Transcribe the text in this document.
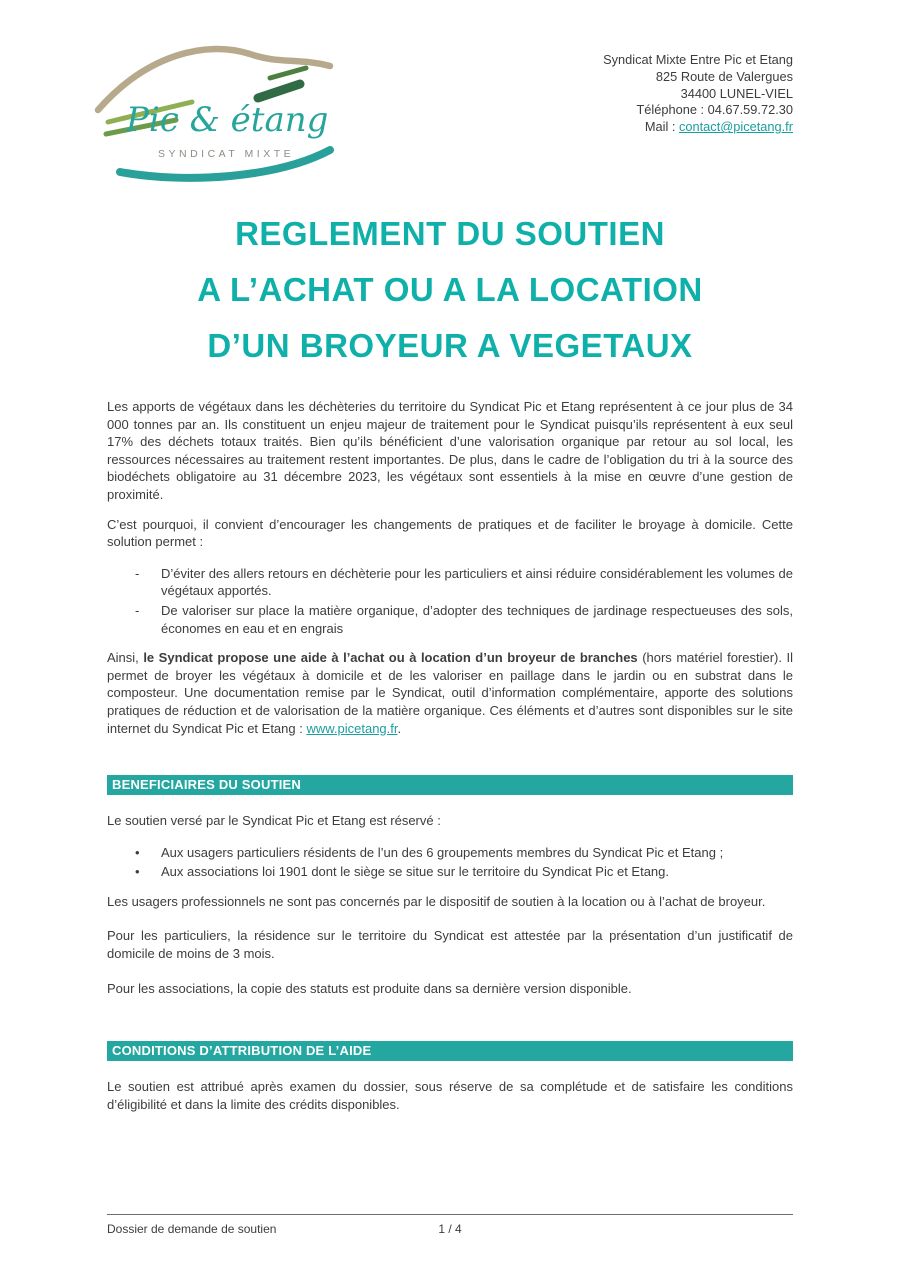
Pic & étang
SYNDICAT MIXTE
Syndicat Mixte Entre Pic et Etang
825 Route de Valergues
34400 LUNEL-VIEL
Téléphone : 04.67.59.72.30
Mail : contact@picetang.fr
REGLEMENT DU SOUTIEN
A L’ACHAT OU A LA LOCATION
D’UN BROYEUR A VEGETAUX

Les apports de végétaux dans les déchèteries du territoire du Syndicat Pic et Etang représentent à ce jour plus de 34 000 tonnes par an. Ils constituent un enjeu majeur de traitement pour le Syndicat puisqu’ils représentent à eux seul 17% des déchets totaux traités. Bien qu’ils bénéficient d’une valorisation organique par retour au sol local, les ressources nécessaires au traitement restent importantes. De plus, dans le cadre de l’obligation du tri à la source des biodéchets obligatoire au 31 décembre 2023, les végétaux sont essentiels à la mise en œuvre d’une gestion de proximité.

C’est pourquoi, il convient d’encourager les changements de pratiques et de faciliter le broyage à domicile. Cette solution permet :

-	D’éviter des allers retours en déchèterie pour les particuliers et ainsi réduire considérablement les volumes de végétaux apportés.
-	De valoriser sur place la matière organique, d’adopter des techniques de jardinage respectueuses des sols, économes en eau et en engrais

Ainsi, le Syndicat propose une aide à l’achat ou à location d’un broyeur de branches (hors matériel forestier). Il permet de broyer les végétaux à domicile et de les valoriser en paillage dans le jardin ou en substrat dans le composteur. Une documentation remise par le Syndicat, outil d’information complémentaire, apporte des solutions pratiques de réduction et de valorisation de la matière organique. Ces éléments et d’autres sont disponibles sur le site internet du Syndicat Pic et Etang : www.picetang.fr.

BENEFICIAIRES DU SOUTIEN

Le soutien versé par le Syndicat Pic et Etang est réservé :

•	Aux usagers particuliers résidents de l’un des 6 groupements membres du Syndicat Pic et Etang ;
•	Aux associations loi 1901 dont le siège se situe sur le territoire du Syndicat Pic et Etang.

Les usagers professionnels ne sont pas concernés par le dispositif de soutien à la location ou à l’achat de broyeur.

Pour les particuliers, la résidence sur le territoire du Syndicat est attestée par la présentation d’un justificatif de domicile de moins de 3 mois.

Pour les associations, la copie des statuts est produite dans sa dernière version disponible.

CONDITIONS D’ATTRIBUTION DE L’AIDE

Le soutien est attribué après examen du dossier, sous réserve de sa complétude et de satisfaire les conditions d’éligibilité et dans la limite des crédits disponibles.

Dossier de demande de soutien	1 / 4
